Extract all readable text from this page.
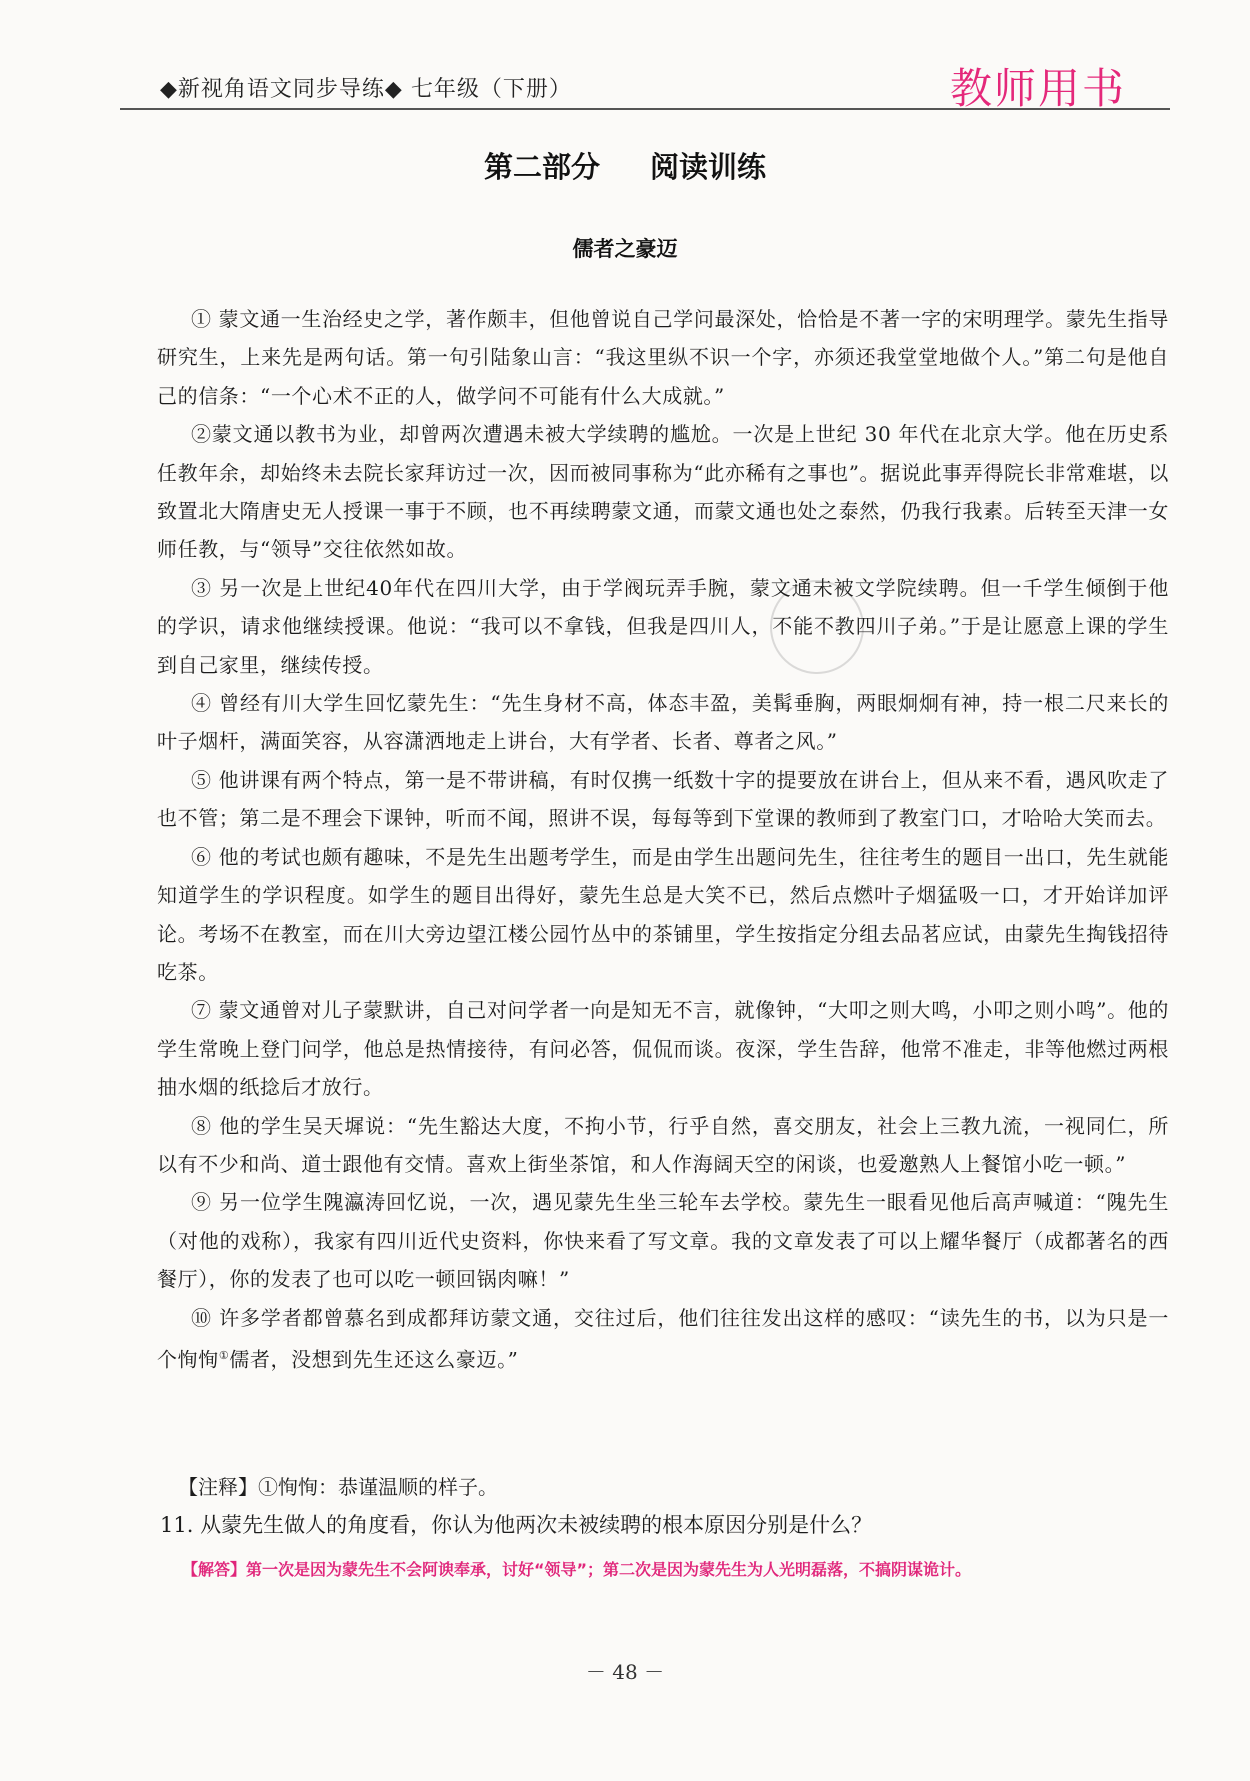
◆新视角语文同步导练◆ 七年级（下册）	教师用书
第二部分 阅读训练
儒者之豪迈

① 蒙文通一生治经史之学，著作颇丰，但他曾说自己学问最深处，恰恰是不著一字的宋明理学。蒙先生指导研究生，上来先是两句话。第一句引陆象山言：“我这里纵不识一个字，亦须还我堂堂地做个人。”第二句是他自己的信条：“一个心术不正的人，做学问不可能有什么大成就。”

②蒙文通以教书为业，却曾两次遭遇未被大学续聘的尴尬。一次是上世纪 30 年代在北京大学。他在历史系任教年余，却始终未去院长家拜访过一次，因而被同事称为“此亦稀有之事也”。据说此事弄得院长非常难堪，以致置北大隋唐史无人授课一事于不顾，也不再续聘蒙文通，而蒙文通也处之泰然，仍我行我素。后转至天津一女师任教，与“领导”交往依然如故。

③ 另一次是上世纪40年代在四川大学，由于学阀玩弄手腕，蒙文通未被文学院续聘。但一千学生倾倒于他的学识，请求他继续授课。他说：“我可以不拿钱，但我是四川人，不能不教四川子弟。”于是让愿意上课的学生到自己家里，继续传授。

④ 曾经有川大学生回忆蒙先生：“先生身材不高，体态丰盈，美髯垂胸，两眼炯炯有神，持一根二尺来长的叶子烟杆，满面笑容，从容潇洒地走上讲台，大有学者、长者、尊者之风。”

⑤ 他讲课有两个特点，第一是不带讲稿，有时仅携一纸数十字的提要放在讲台上，但从来不看，遇风吹走了也不管；第二是不理会下课钟，听而不闻，照讲不误，每每等到下堂课的教师到了教室门口，才哈哈大笑而去。

⑥ 他的考试也颇有趣味，不是先生出题考学生，而是由学生出题问先生，往往考生的题目一出口，先生就能知道学生的学识程度。如学生的题目出得好，蒙先生总是大笑不已，然后点燃叶子烟猛吸一口，才开始详加评论。考场不在教室，而在川大旁边望江楼公园竹丛中的茶铺里，学生按指定分组去品茗应试，由蒙先生掏钱招待吃茶。

⑦ 蒙文通曾对儿子蒙默讲，自己对问学者一向是知无不言，就像钟，“大叩之则大鸣，小叩之则小鸣”。他的学生常晚上登门问学，他总是热情接待，有问必答，侃侃而谈。夜深，学生告辞，他常不准走，非等他燃过两根抽水烟的纸捻后才放行。

⑧ 他的学生吴天墀说：“先生豁达大度，不拘小节，行乎自然，喜交朋友，社会上三教九流，一视同仁，所以有不少和尚、道士跟他有交情。喜欢上街坐茶馆，和人作海阔天空的闲谈，也爱邀熟人上餐馆小吃一顿。”

⑨ 另一位学生隗瀛涛回忆说，一次，遇见蒙先生坐三轮车去学校。蒙先生一眼看见他后高声喊道：“隗先生（对他的戏称），我家有四川近代史资料，你快来看了写文章。我的文章发表了可以上耀华餐厅（成都著名的西餐厅），你的发表了也可以吃一顿回锅肉嘛！”

⑩ 许多学者都曾慕名到成都拜访蒙文通，交往过后，他们往往发出这样的感叹：“读先生的书，以为只是一个恂恂①儒者，没想到先生还这么豪迈。”

【注释】①恂恂：恭谨温顺的样子。
11. 从蒙先生做人的角度看，你认为他两次未被续聘的根本原因分别是什么？
【解答】第一次是因为蒙先生不会阿谀奉承，讨好“领导”；第二次是因为蒙先生为人光明磊落，不搞阴谋诡计。
－ 48 －
